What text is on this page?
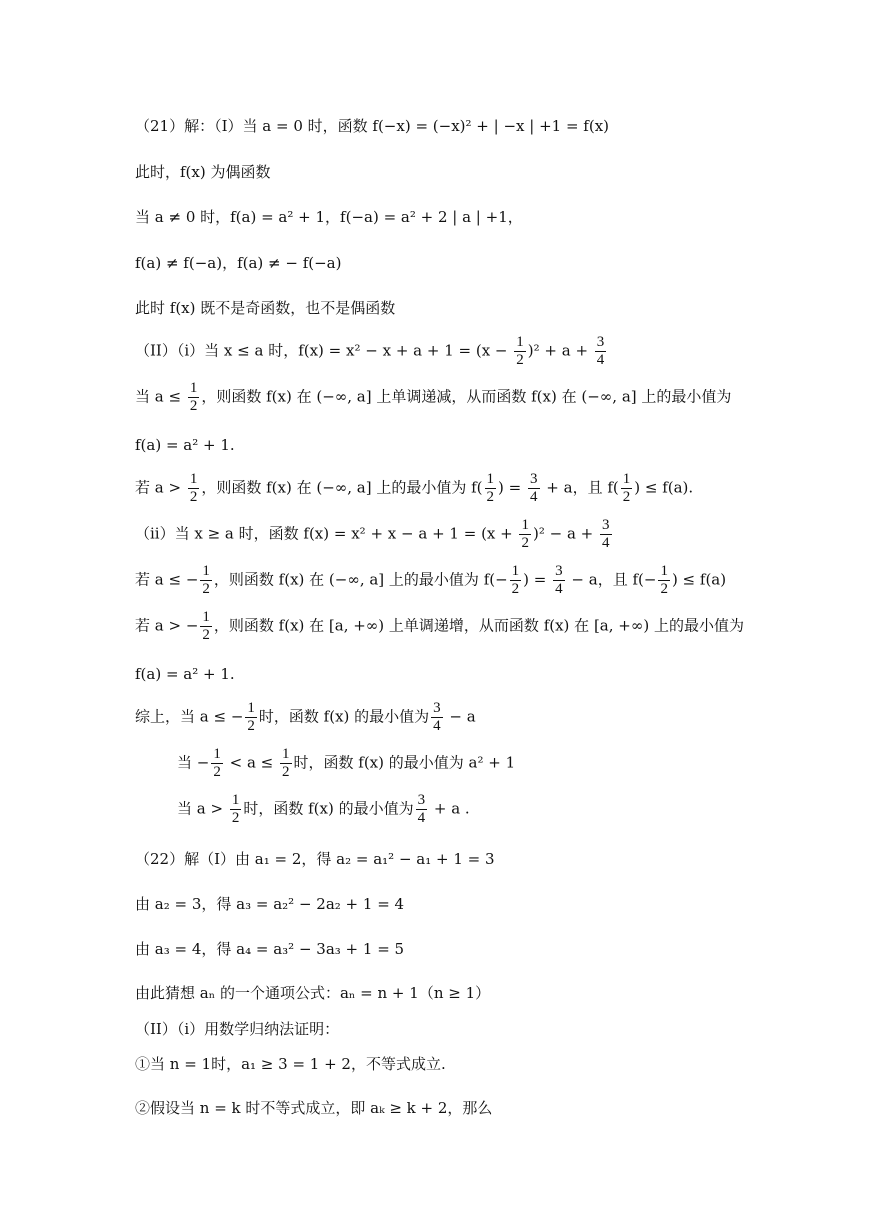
（21）解：（I）当 a = 0 时，函数 f(−x) = (−x)² + | −x | +1 = f(x)
此时，f(x) 为偶函数
当 a ≠ 0 时，f(a) = a² + 1，f(−a) = a² + 2 | a | +1，
f(a) ≠ f(−a)，f(a) ≠ − f(−a)
此时 f(x) 既不是奇函数，也不是偶函数
f(a) = a² + 1.
f(a) = a² + 1.
（22）解（I）由 a₁ = 2，得 a₂ = a₁² − a₁ + 1 = 3
由 a₂ = 3，得 a₃ = a₂² − 2a₂ + 1 = 4
由 a₃ = 4，得 a₄ = a₃² − 3a₃ + 1 = 5
由此猜想 aₙ 的一个通项公式：aₙ = n + 1（n ≥ 1）
（II）（i）用数学归纳法证明：
①当 n = 1时，a₁ ≥ 3 = 1 + 2，不等式成立.
②假设当 n = k 时不等式成立，即 aₖ ≥ k + 2，那么
（II）（i）当 x ≤ a 时，$f(x) = x^2 - x + a + 1 = (x - \frac{1}{2} )^2 + a + \frac{3}{4}$
当 $a \le \frac{1}{2}$ ，则函数 f(x) 在 (−∞, a] 上单调递减，从而函数 f(x) 在 (−∞, a] 上的最小值为
若 $a > \frac{1}{2}$ ，则函数 f(x) 在 (−∞, a] 上的最小值为 $f( \frac{1}{2}$ ) = $\frac{3}{4} + a$，且 $f( \frac{1}{2}$ ) ≤ f(a).
（ii）当 x ≥ a 时，函数 $f(x) = x^2 + x - a + 1 = (x + \frac{1}{2} )^2 - a + \frac{3}{4}$
若 a ≤ − $\frac{1}{2}$ ，则函数 f(x) 在 (−∞, a] 上的最小值为 $f(- \frac{1}{2}$ ) = $\frac{3}{4} - a$，且 $f(- \frac{1}{2}$ ) ≤ f(a)
若 a > − $\frac{1}{2}$ ，则函数 f(x) 在 [a, +∞) 上单调递增，从而函数 f(x) 在 [a, +∞) 上的最小值为
综上，当 a ≤ − $\frac{1}{2}$ 时，函数 f(x) 的最小值为 $\frac{3}{4} - a$
当 − $\frac{1}{2} < a \le \frac{1}{2}$ 时，函数 f(x) 的最小值为 a² + 1
当 $a > \frac{1}{2}$ 时，函数 f(x) 的最小值为 $\frac{3}{4} + a$ .
